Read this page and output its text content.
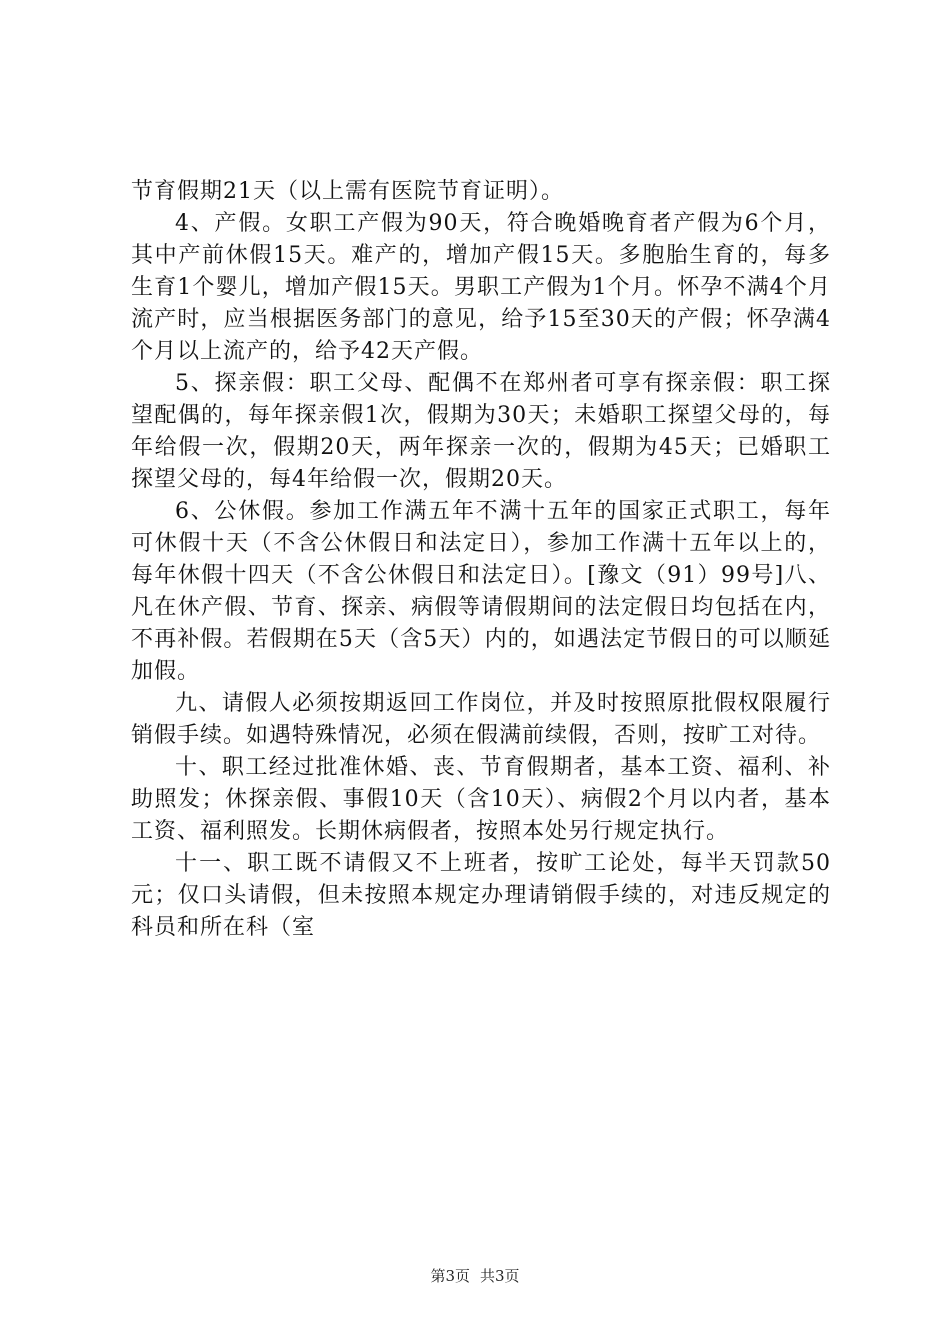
节育假期21天（以上需有医院节育证明）。

4、产假。女职工产假为90天，符合晚婚晚育者产假为6个月，其中产前休假15天。难产的，增加产假15天。多胞胎生育的，每多生育1个婴儿，增加产假15天。男职工产假为1个月。怀孕不满4个月流产时，应当根据医务部门的意见，给予15至30天的产假；怀孕满4个月以上流产的，给予42天产假。

5、探亲假：职工父母、配偶不在郑州者可享有探亲假：职工探望配偶的，每年探亲假1次，假期为30天；未婚职工探望父母的，每年给假一次，假期20天，两年探亲一次的，假期为45天；已婚职工探望父母的，每4年给假一次，假期20天。

6、公休假。参加工作满五年不满十五年的国家正式职工，每年可休假十天（不含公休假日和法定日），参加工作满十五年以上的，每年休假十四天（不含公休假日和法定日）。[豫文（91）99号]八、凡在休产假、节育、探亲、病假等请假期间的法定假日均包括在内，不再补假。若假期在5天（含5天）内的，如遇法定节假日的可以顺延加假。

九、请假人必须按期返回工作岗位，并及时按照原批假权限履行销假手续。如遇特殊情况，必须在假满前续假，否则，按旷工对待。

十、职工经过批准休婚、丧、节育假期者，基本工资、福利、补助照发；休探亲假、事假10天（含10天）、病假2个月以内者，基本工资、福利照发。长期休病假者，按照本处另行规定执行。

十一、职工既不请假又不上班者，按旷工论处，每半天罚款50元；仅口头请假，但未按照本规定办理请销假手续的，对违反规定的科员和所在科（室

第3页 共3页
